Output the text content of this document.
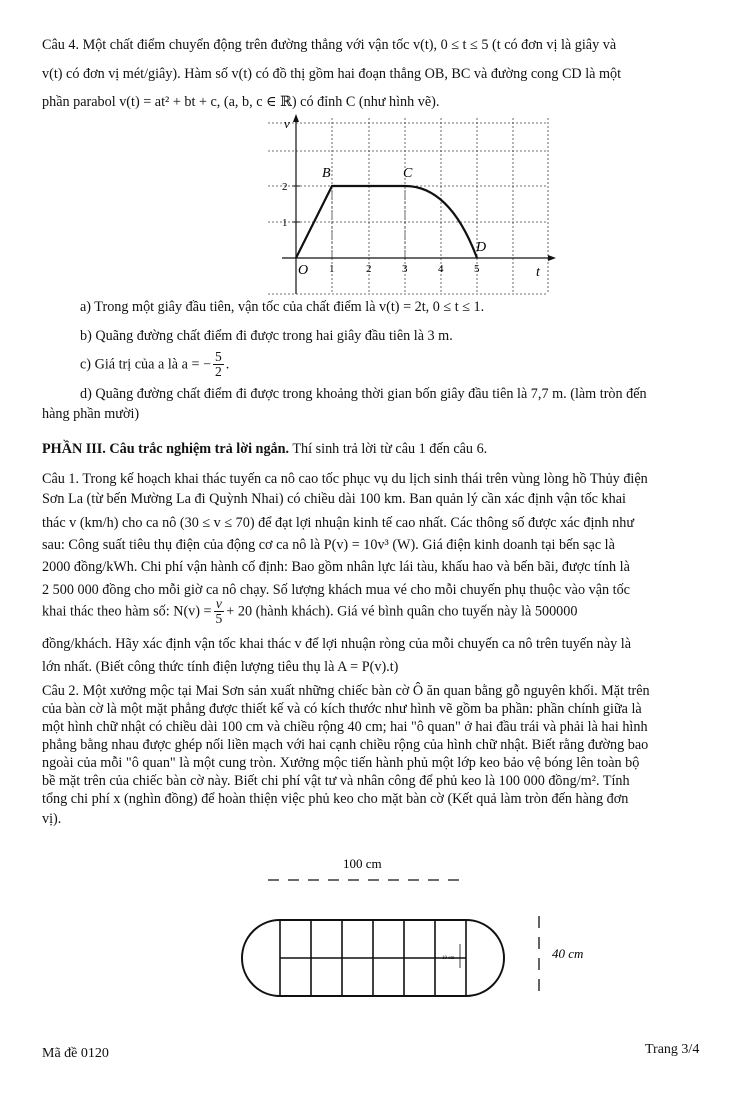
Câu 4. Một chất điểm chuyển động trên đường thẳng với vận tốc v(t), 0 ≤ t ≤ 5 (t có đơn vị là giây và
v(t) có đơn vị mét/giây). Hàm số v(t) có đồ thị gồm hai đoạn thẳng OB, BC và đường cong CD là một
phần parabol v(t) = at² + bt + c, (a, b, c ∈ ℝ) có đỉnh C (như hình vẽ).
v
t
O
B	C
D
1
2
1	2	3	4	5
a) Trong một giây đầu tiên, vận tốc của chất điểm là v(t) = 2t, 0 ≤ t ≤ 1.
b) Quãng đường chất điểm đi được trong hai giây đầu tiên là 3 m.
c) Giá trị của a là a = − $\frac{5}{2}$ .
d) Quãng đường chất điểm đi được trong khoảng thời gian bốn giây đầu tiên là 7,7 m. (làm tròn đến
hàng phần mười)
PHẦN III. Câu trắc nghiệm trả lời ngắn. Thí sinh trả lời từ câu 1 đến câu 6.
Câu 1. Trong kế hoạch khai thác tuyến ca nô cao tốc phục vụ du lịch sinh thái trên vùng lòng hồ Thủy điện
Sơn La (từ bến Mường La đi Quỳnh Nhai) có chiều dài 100 km. Ban quản lý cần xác định vận tốc khai
thác v (km/h) cho ca nô (30 ≤ v ≤ 70) để đạt lợi nhuận kinh tế cao nhất. Các thông số được xác định như
sau: Công suất tiêu thụ điện của động cơ ca nô là P(v) = 10v³ (W). Giá điện kinh doanh tại bến sạc là
2000 đồng/kWh. Chi phí vận hành cố định: Bao gồm nhân lực lái tàu, khấu hao và bến bãi, được tính là
2 500 000 đồng cho mỗi giờ ca nô chạy. Số lượng khách mua vé cho mỗi chuyến phụ thuộc vào vận tốc
khai thác theo hàm số: $N(v) = \frac{v}{5} + 20$ (hành khách). Giá vé bình quân cho tuyến này là 500000
đồng/khách. Hãy xác định vận tốc khai thác v để lợi nhuận ròng của mỗi chuyến ca nô trên tuyến này là
lớn nhất. (Biết công thức tính điện lượng tiêu thụ là A = P(v).t)
Câu 2. Một xưởng mộc tại Mai Sơn sản xuất những chiếc bàn cờ Ô ăn quan bằng gỗ nguyên khối. Mặt trên
của bàn cờ là một mặt phẳng được thiết kế và có kích thước như hình vẽ gồm ba phần: phần chính giữa là
một hình chữ nhật có chiều dài 100 cm và chiều rộng 40 cm; hai "ô quan" ở hai đầu trái và phải là hai hình
phẳng bằng nhau được ghép nối liền mạch với hai cạnh chiều rộng của hình chữ nhật. Biết rằng đường bao
ngoài của mỗi "ô quan" là một cung tròn. Xưởng mộc tiến hành phủ một lớp keo bảo vệ bóng lên toàn bộ
bề mặt trên của chiếc bàn cờ này. Biết chi phí vật tư và nhân công để phủ keo là 100 000 đồng/m². Tính
tổng chi phí x (nghìn đồng) để hoàn thiện việc phủ keo cho mặt bàn cờ (Kết quả làm tròn đến hàng đơn
vị).
100 cm
10 cm	40 cm
Mã đề 0120	Trang 3/4
